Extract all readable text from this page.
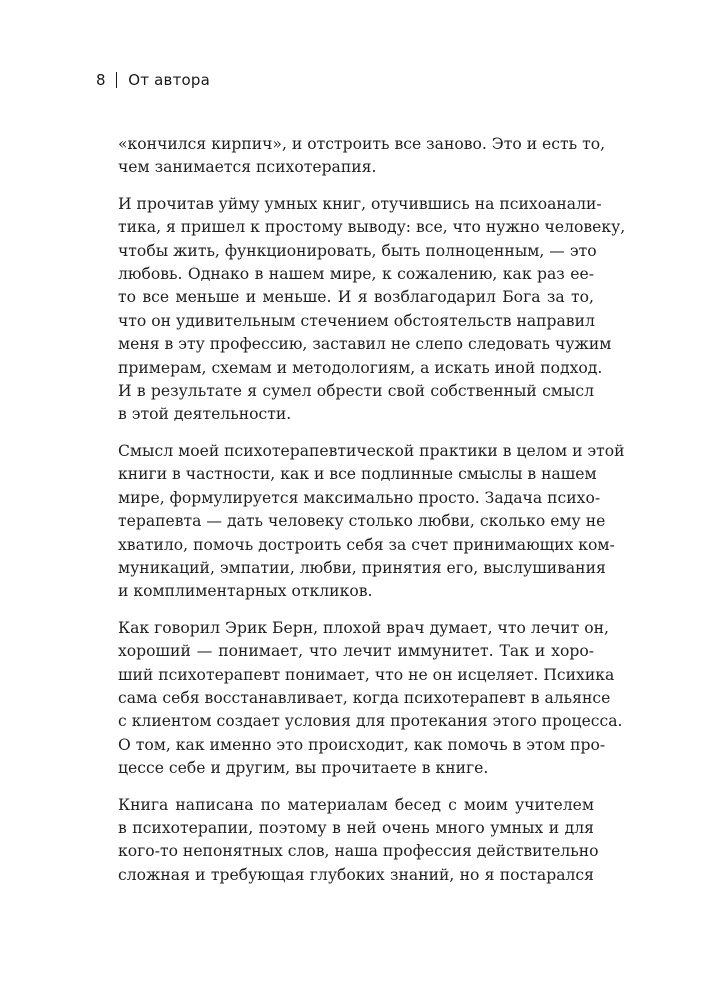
8 От автора

«кончился кирпич», и отстроить все заново. Это и есть то,
чем занимается психотерапия.

И прочитав уйму умных книг, отучившись на психоанали-
тика, я пришел к простому выводу: все, что нужно человеку,
чтобы жить, функционировать, быть полноценным, — это
любовь. Однако в нашем мире, к сожалению, как раз ее-
то все меньше и меньше. И я возблагодарил Бога за то,
что он удивительным стечением обстоятельств направил
меня в эту профессию, заставил не слепо следовать чужим
примерам, схемам и методологиям, а искать иной подход.
И в результате я сумел обрести свой собственный смысл
в этой деятельности.

Смысл моей психотерапевтической практики в целом и этой
книги в частности, как и все подлинные смыслы в нашем
мире, формулируется максимально просто. Задача психо-
терапевта — дать человеку столько любви, сколько ему не
хватило, помочь достроить себя за счет принимающих ком-
муникаций, эмпатии, любви, принятия его, выслушивания
и комплиментарных откликов.

Как говорил Эрик Берн, плохой врач думает, что лечит он,
хороший — понимает, что лечит иммунитет. Так и хоро-
ший психотерапевт понимает, что не он исцеляет. Психика
сама себя восстанавливает, когда психотерапевт в альянсе
с клиентом создает условия для протекания этого процесса.
О том, как именно это происходит, как помочь в этом про-
цессе себе и другим, вы прочитаете в книге.

Книга написана по материалам бесед с моим учителем
в психотерапии, поэтому в ней очень много умных и для
кого-то непонятных слов, наша профессия действительно
сложная и требующая глубоких знаний, но я постарался
